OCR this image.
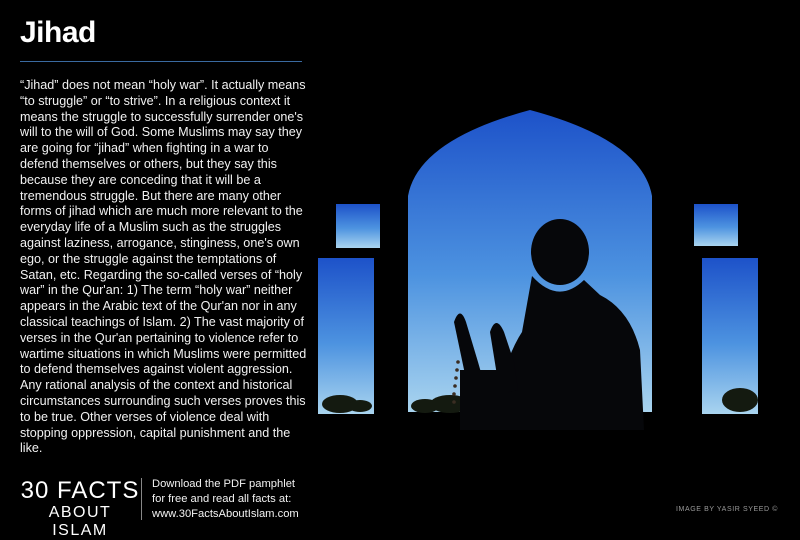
Jihad

“Jihad” does not mean “holy war”. It actually means “to struggle” or “to strive”. In a religious context it means the struggle to successfully surrender one's will to the will of God. Some Muslims may say they are going for “jihad” when fighting in a war to defend themselves or others, but they say this because they are conceding that it will be a tremendous struggle. But there are many other forms of jihad which are much more relevant to the everyday life of a Muslim such as the struggles against laziness, arrogance, stinginess, one's own ego, or the struggle against the temptations of Satan, etc. Regarding the so-called verses of “holy war” in the Qur'an: 1) The term “holy war” neither appears in the Arabic text of the Qur'an nor in any classical teachings of Islam. 2) The vast majority of verses in the Qur'an pertaining to violence refer to wartime situations in which Muslims were permitted to defend themselves against violent aggression. Any rational analysis of the context and historical circumstances surrounding such verses proves this to be true. Other verses of violence deal with stopping oppression, capital punishment and the like.

30 FACTS
ABOUT ISLAM
Download the PDF pamphlet
for free and read all facts at:
www.30FactsAboutIslam.com	IMAGE BY YASIR SYEED ©
